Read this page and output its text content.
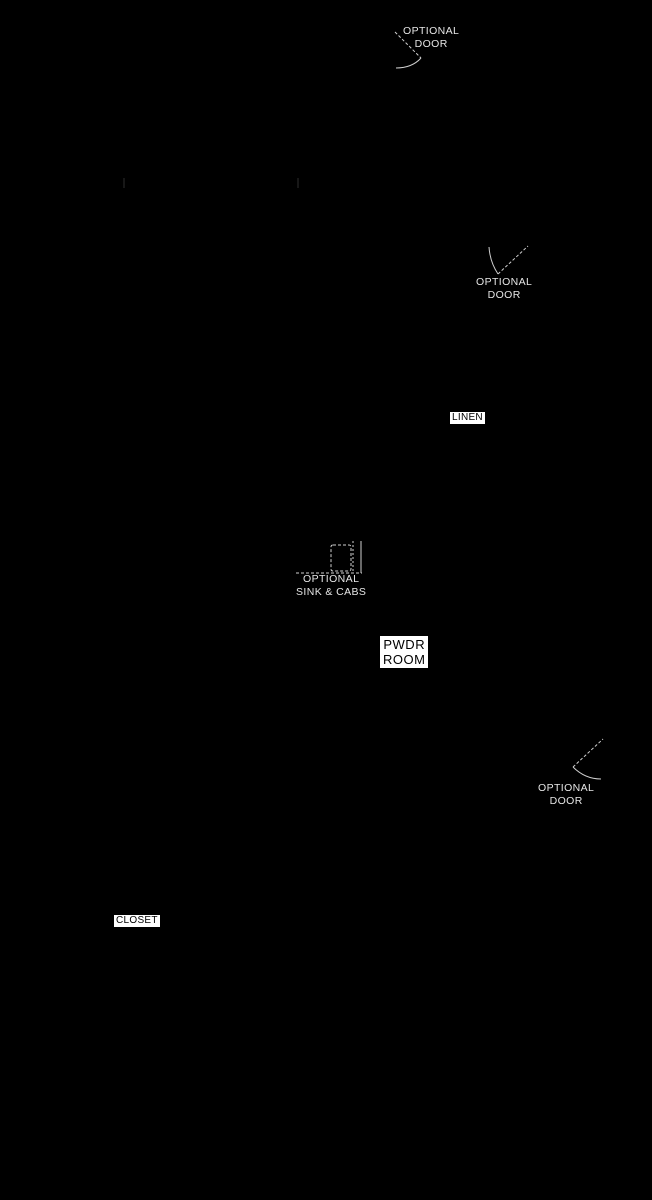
OPTIONAL
DOOR
OPTIONAL
DOOR
LINEN
OPTIONAL
SINK & CABS
PWDR
ROOM
OPTIONAL
DOOR
CLOSET
